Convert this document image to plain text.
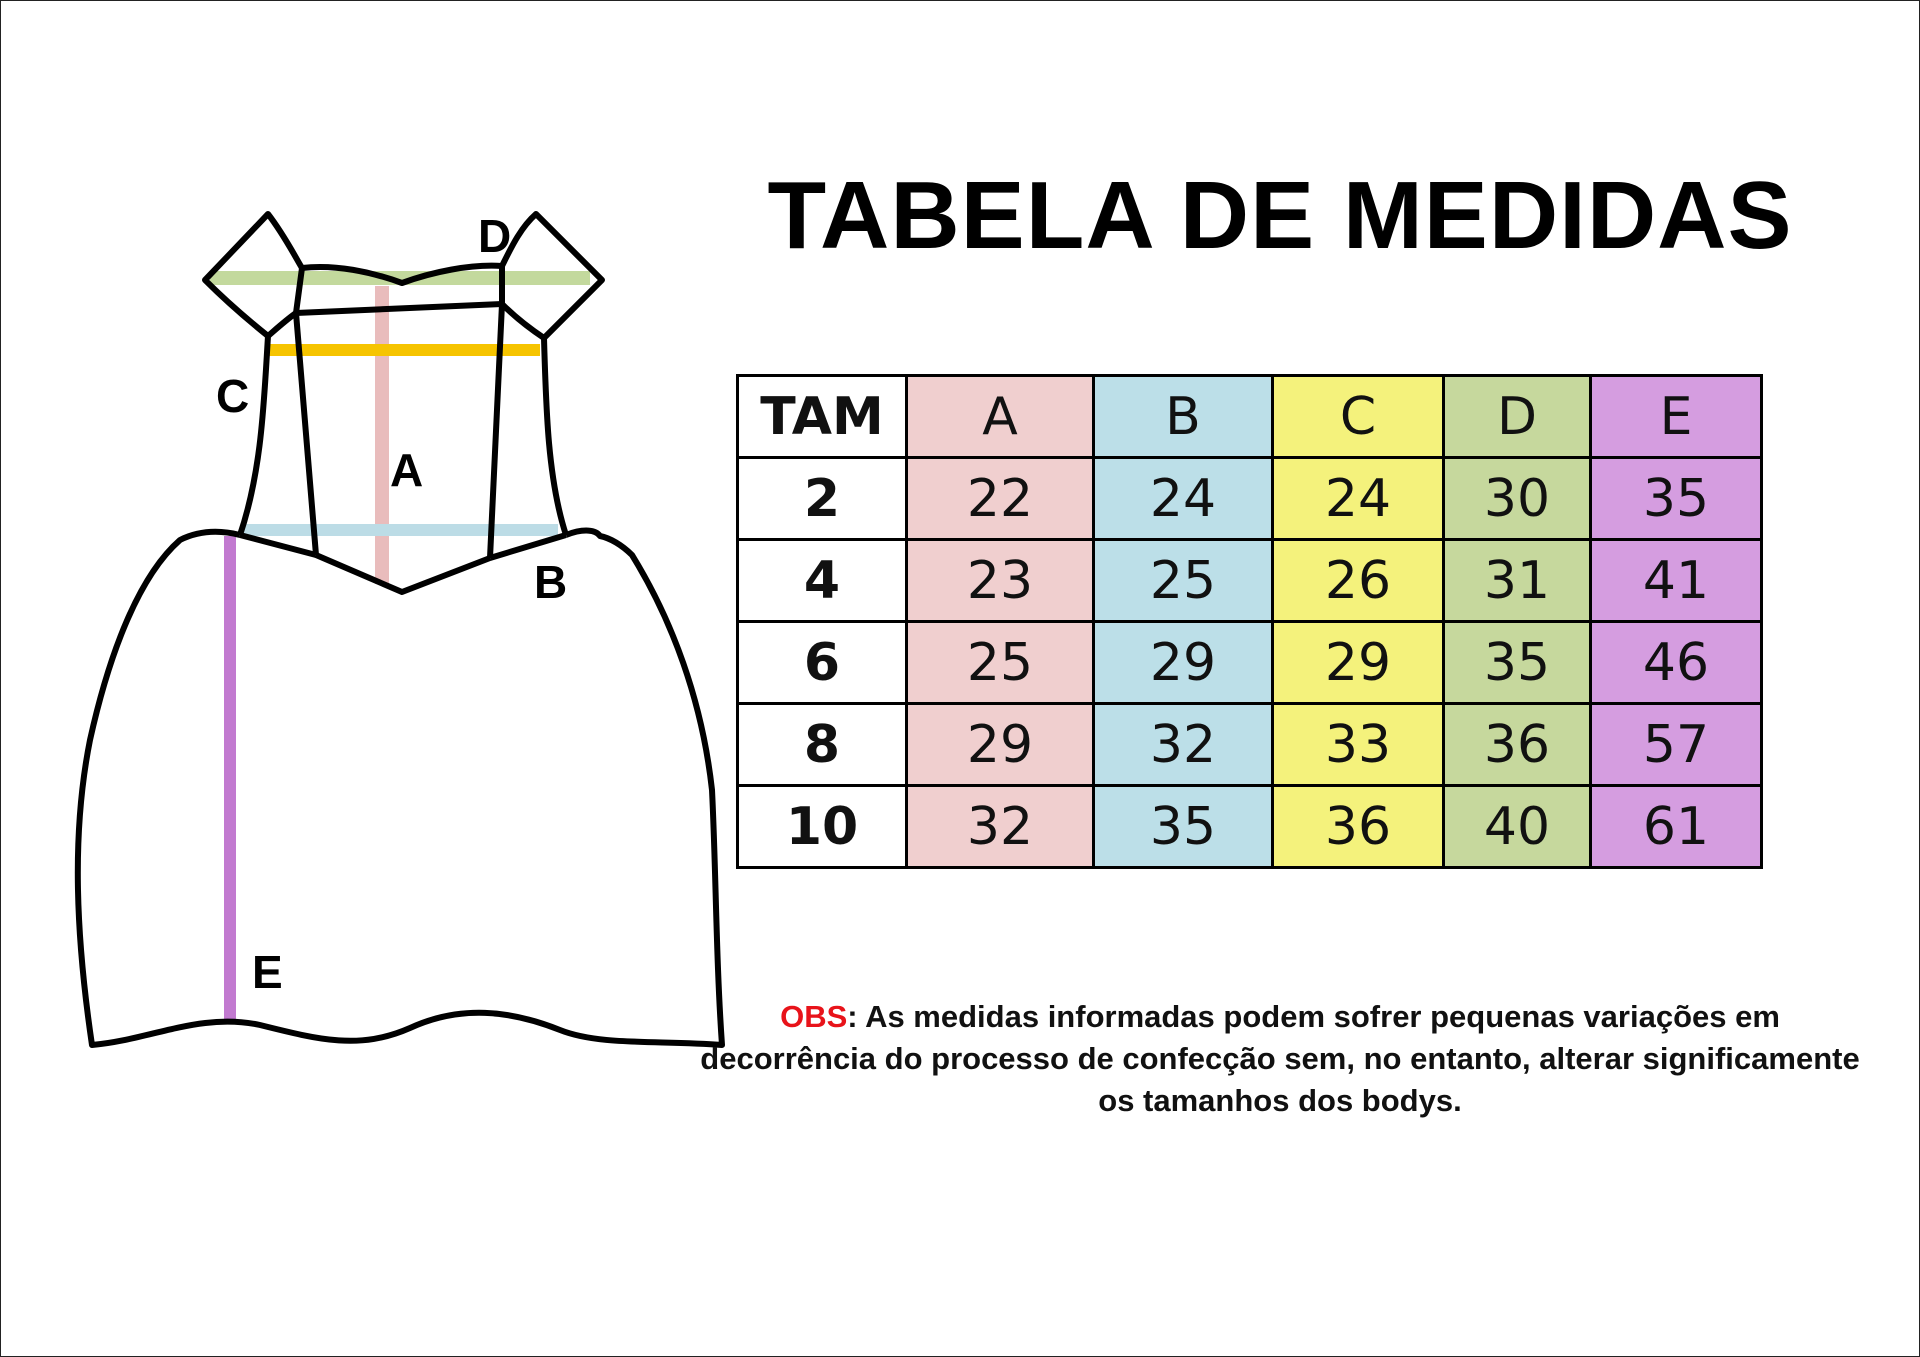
D
C
A
B
E
TABELA DE MEDIDAS
TAM	A	B	C	D	E
2	22	24	24	30	35
4	23	25	26	31	41
6	25	29	29	35	46
8	29	32	33	36	57
10	32	35	36	40	61
OBS: As medidas informadas podem sofrer pequenas variações em decorrência do processo de confecção sem, no entanto, alterar significamente os tamanhos dos bodys.
